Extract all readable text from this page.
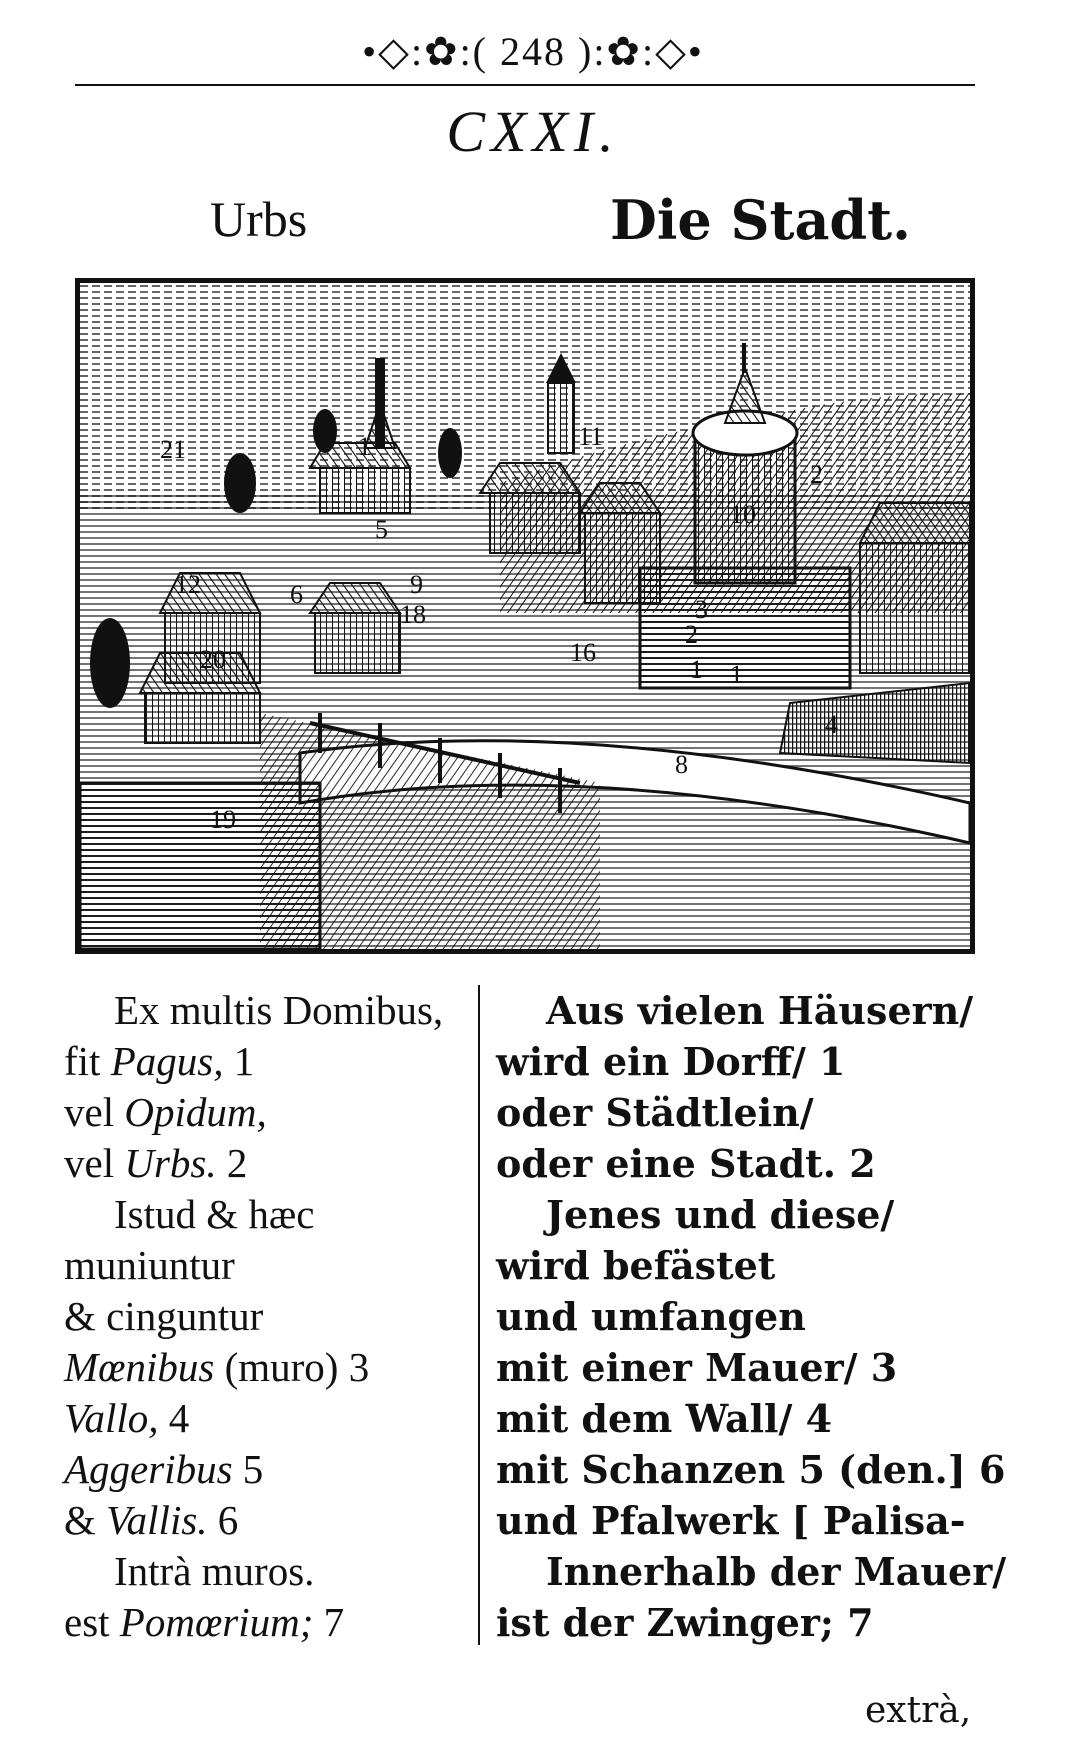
•◇:✿:( 248 ):✿:◇•
CXXI.
Urbs	Die Stadt.
21	1
5
11
10
2
12	9
18
6
3
16
2
1
20
1
4
8
19
Ex multis Domibus,
fit Pagus, 1
vel Opidum,
vel Urbs. 2
Istud & hæc
muniuntur
& cinguntur
Mœnibus (muro) 3
Vallo, 4
Aggeribus 5
& Vallis. 6
Intrà muros.
est Pomœrium; 7
Aus vielen Häusern/
wird ein Dorff/ 1
oder Städtlein/
oder eine Stadt. 2
Jenes und diese/
wird befästet
und umfangen
mit einer Mauer/ 3
mit dem Wall/ 4
mit Schanzen 5 (den.] 6
und Pfalwerk [ Palisa-
Innerhalb der Mauer/
ist der Zwinger; 7
extrà,
